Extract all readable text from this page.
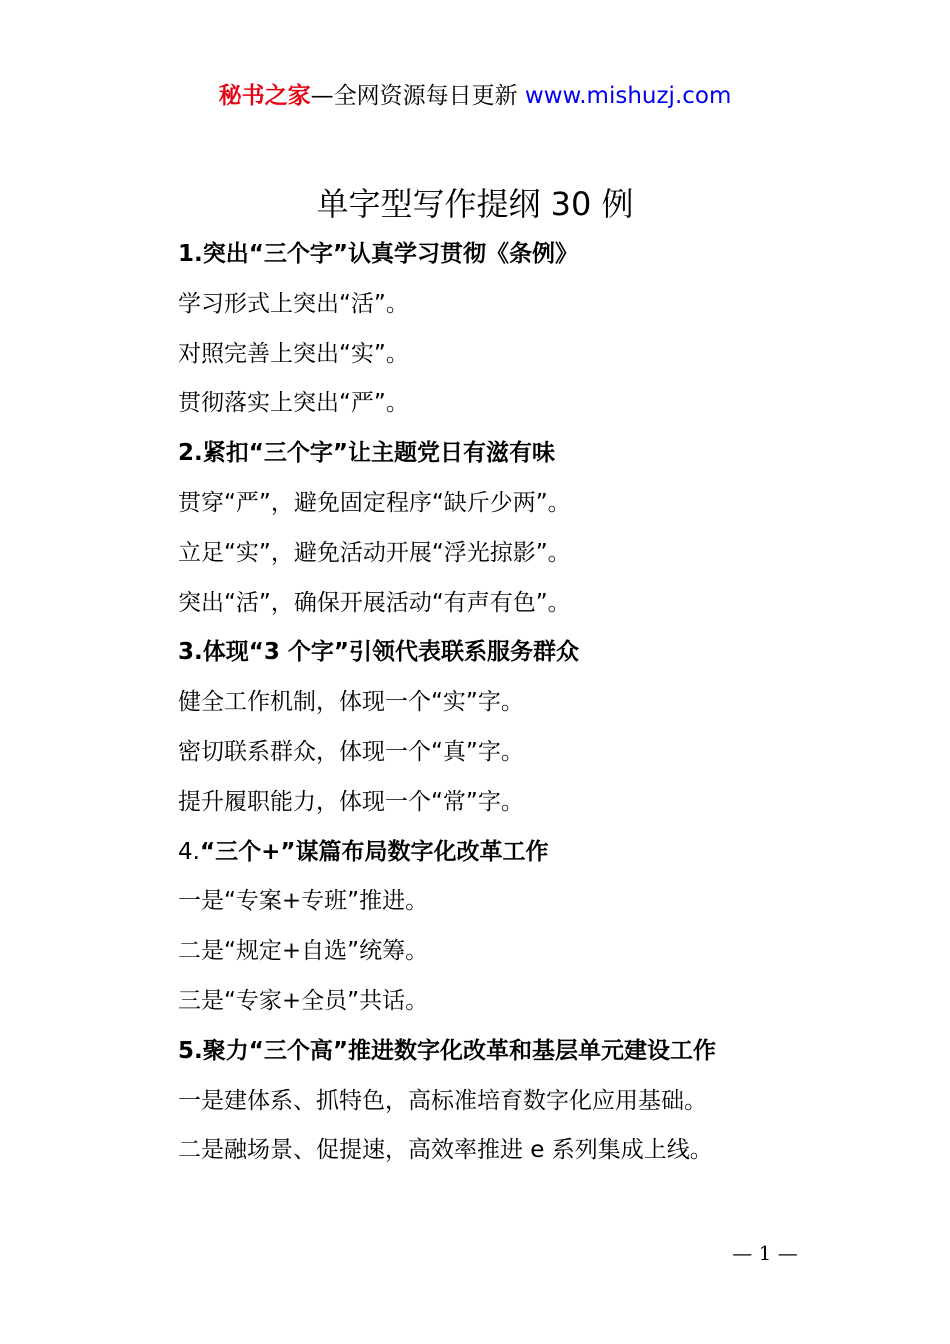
秘书之家—全网资源每日更新 www.mishuzj.com
单字型写作提纲 30 例
1.突出“三个字”认真学习贯彻《条例》
学习形式上突出“活”。
对照完善上突出“实”。
贯彻落实上突出“严”。
2.紧扣“三个字”让主题党日有滋有味
贯穿“严”，避免固定程序“缺斤少两”。
立足“实”，避免活动开展“浮光掠影”。
突出“活”，确保开展活动“有声有色”。
3.体现“3 个字”引领代表联系服务群众
健全工作机制，体现一个“实”字。
密切联系群众，体现一个“真”字。
提升履职能力，体现一个“常”字。
4.“三个+”谋篇布局数字化改革工作
一是“专案+专班”推进。
二是“规定+自选”统筹。
三是“专家+全员”共话。
5.聚力“三个高”推进数字化改革和基层单元建设工作
一是建体系、抓特色，高标准培育数字化应用基础。
二是融场景、促提速，高效率推进 e 系列集成上线。
— 1 —
